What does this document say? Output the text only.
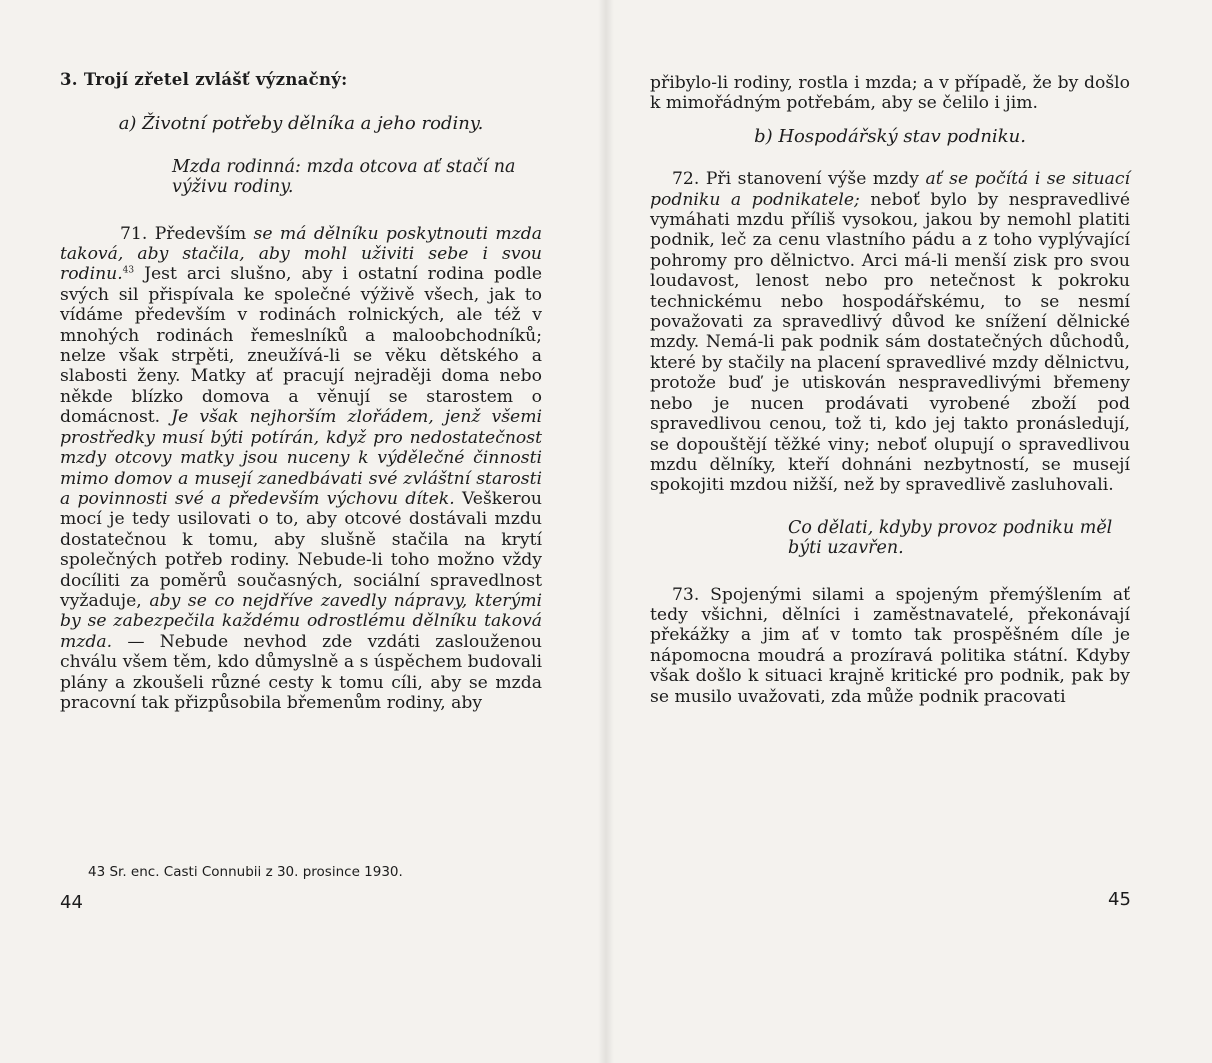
3. Trojí zřetel zvlášť význačný:

a) Životní potřeby dělníka a jeho rodiny.

Mzda rodinná: mzda otcova ať stačí na výživu rodiny.

71. Především se má dělníku poskytnouti mzda taková, aby stačila, aby mohl uživiti sebe i svou rodinu.$^{43}$ Jest arci slušno, aby i ostatní rodina podle svých sil přispívala ke společné výživě všech, jak to vídáme především v rodinách rolnických, ale též v mnohých rodinách řemeslníků a maloobchodníků; nelze však strpěti, zneužívá-li se věku dětského a slabosti ženy. Matky ať pracují nejraději doma nebo někde blízko domova a věnují se starostem o domácnost. Je však nejhorším zlořádem, jenž všemi prostředky musí býti potírán, když pro nedostatečnost mzdy otcovy matky jsou nuceny k výdělečné činnosti mimo domov a musejí zanedbávati své zvláštní starosti a povinnosti své a především výchovu dítek. Veškerou mocí je tedy usilovati o to, aby otcové dostávali mzdu dostatečnou k tomu, aby slušně stačila na krytí společných potřeb rodiny. Nebude-li toho možno vždy docíliti za poměrů současných, sociální spravedlnost vyžaduje, aby se co nejdříve zavedly nápravy, kterými by se zabezpečila každému odrostlému dělníku taková mzda. — Nebude nevhod zde vzdáti zaslouženou chválu všem těm, kdo důmyslně a s úspěchem budovali plány a zkoušeli různé cesty k tomu cíli, aby se mzda pracovní tak přizpůsobila břemenům rodiny, aby

43 Sr. enc. Casti Connubii z 30. prosince 1930.
44

přibylo-li rodiny, rostla i mzda; a v případě, že by došlo k mimořádným potřebám, aby se čelilo i jim.

b) Hospodářský stav podniku.

72. Při stanovení výše mzdy ať se počítá i se situací podniku a podnikatele; neboť bylo by nespravedlivé vymáhati mzdu příliš vysokou, jakou by nemohl platiti podnik, leč za cenu vlastního pádu a z toho vyplývající pohromy pro dělnictvo. Arci má-li menší zisk pro svou loudavost, lenost nebo pro netečnost k pokroku technickému nebo hospodářskému, to se nesmí považovati za spravedlivý důvod ke snížení dělnické mzdy. Nemá-li pak podnik sám dostatečných důchodů, které by stačily na placení spravedlivé mzdy dělnictvu, protože buď je utiskován nespravedlivými břemeny nebo je nucen prodávati vyrobené zboží pod spravedlivou cenou, tož ti, kdo jej takto pronásledují, se dopouštějí těžké viny; neboť olupují o spravedlivou mzdu dělníky, kteří dohnáni nezbytností, se musejí spokojiti mzdou nižší, než by spravedlivě zasluhovali.

Co dělati, kdyby provoz podniku měl býti uzavřen.

73. Spojenými silami a spojeným přemýšlením ať tedy všichni, dělníci i zaměstnavatelé, překonávají překážky a jim ať v tomto tak prospěšném díle je nápomocna moudrá a prozíravá politika státní. Kdyby však došlo k situaci krajně kritické pro podnik, pak by se musilo uvažovati, zda může podnik pracovati

45
